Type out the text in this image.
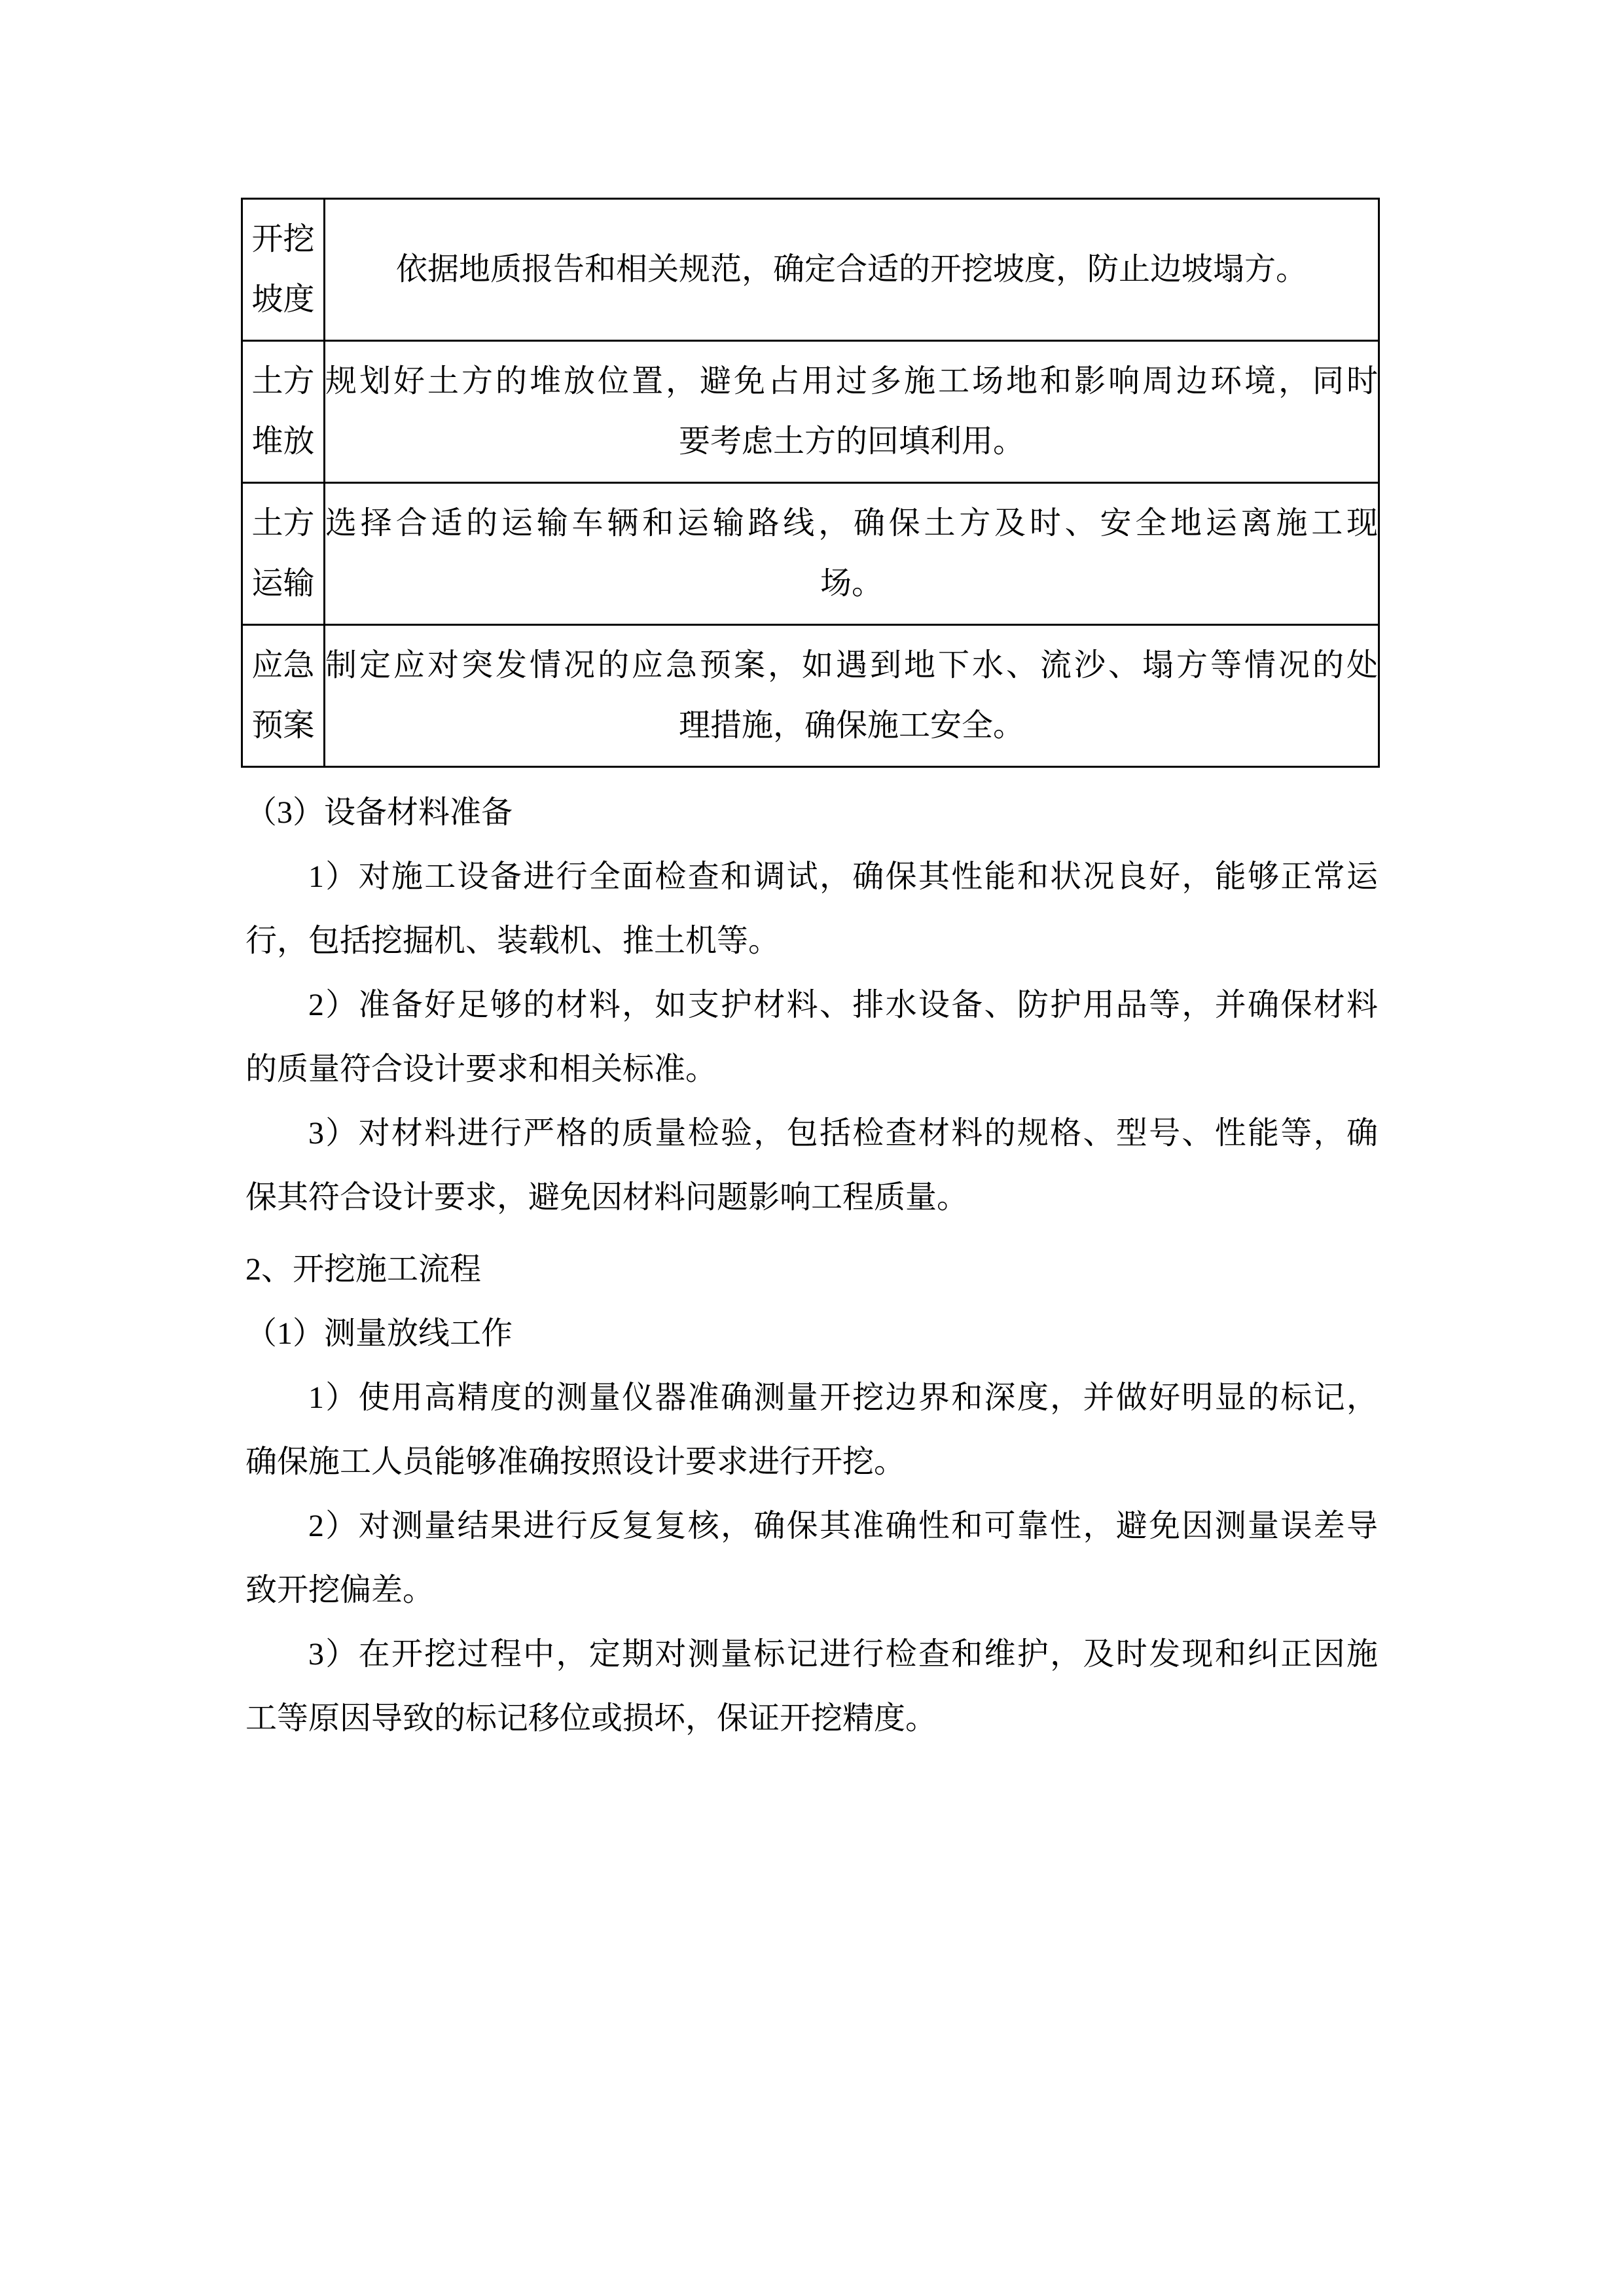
开挖
坡度	依据地质报告和相关规范，确定合适的开挖坡度，防止边坡塌方。

土方
堆放	规划好土方的堆放位置，避免占用过多施工场地和影响周边环境，同时
要考虑土方的回填利用。

土方
运输	选择合适的运输车辆和运输路线，确保土方及时、安全地运离施工现
场。

应急
预案	制定应对突发情况的应急预案，如遇到地下水、流沙、塌方等情况的处
理措施，确保施工安全。

（3）设备材料准备

1）对施工设备进行全面检查和调试，确保其性能和状况良好，能够正常运
行，包括挖掘机、装载机、推土机等。

2）准备好足够的材料，如支护材料、排水设备、防护用品等，并确保材料
的质量符合设计要求和相关标准。

3）对材料进行严格的质量检验，包括检查材料的规格、型号、性能等，确
保其符合设计要求，避免因材料问题影响工程质量。

2、开挖施工流程

（1）测量放线工作

1）使用高精度的测量仪器准确测量开挖边界和深度，并做好明显的标记，
确保施工人员能够准确按照设计要求进行开挖。

2）对测量结果进行反复复核，确保其准确性和可靠性，避免因测量误差导
致开挖偏差。

3）在开挖过程中，定期对测量标记进行检查和维护，及时发现和纠正因施
工等原因导致的标记移位或损坏，保证开挖精度。
